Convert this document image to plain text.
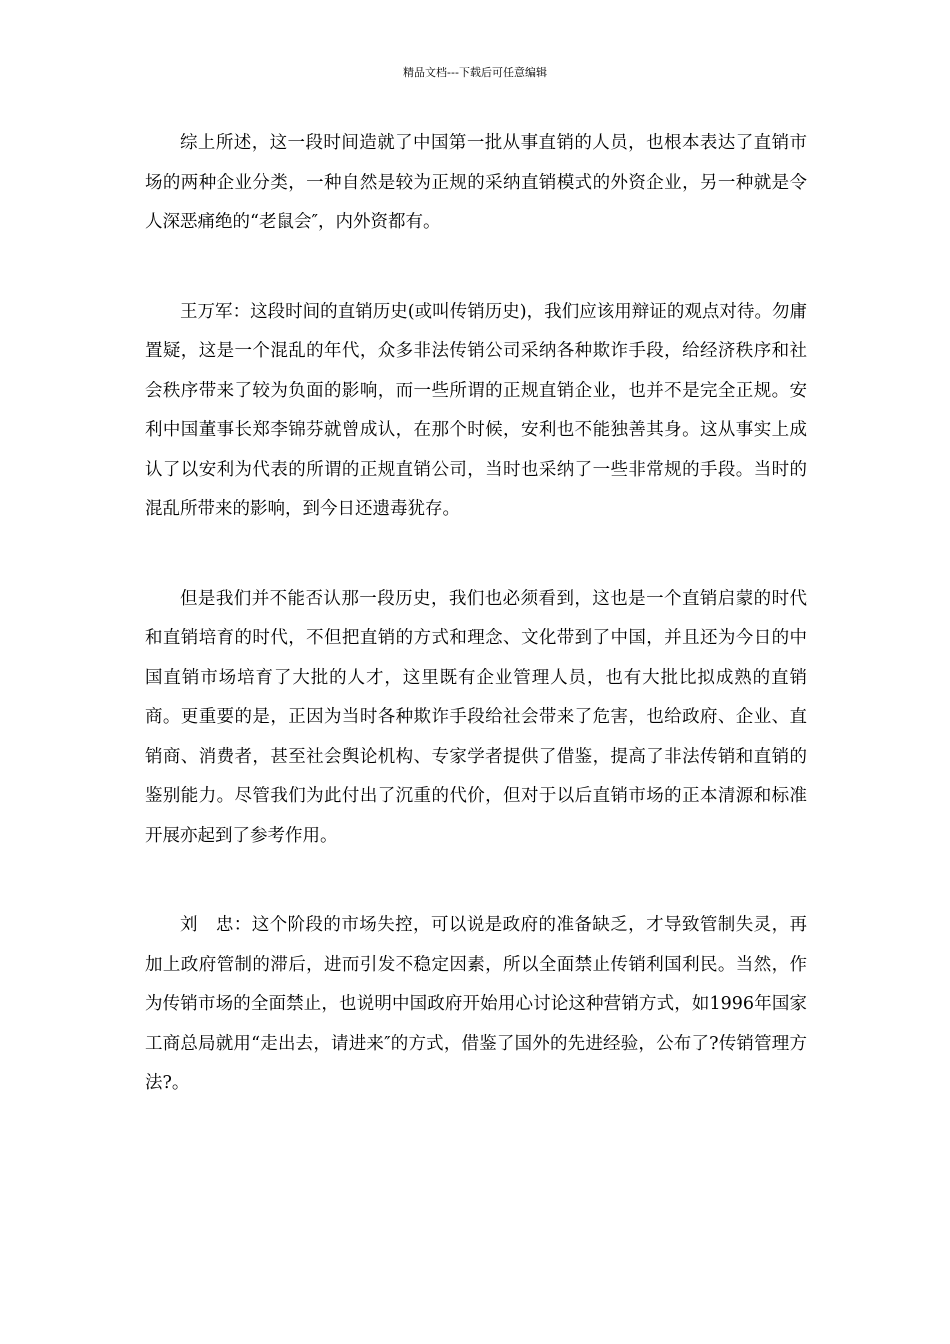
精品文档---下载后可任意编辑

综上所述，这一段时间造就了中国第一批从事直销的人员，也根本表达了直销市场的两种企业分类，一种自然是较为正规的采纳直销模式的外资企业，另一种就是令人深恶痛绝的“老鼠会″，内外资都有。

王万军：这段时间的直销历史(或叫传销历史)，我们应该用辩证的观点对待。勿庸置疑，这是一个混乱的年代，众多非法传销公司采纳各种欺诈手段，给经济秩序和社会秩序带来了较为负面的影响，而一些所谓的正规直销企业，也并不是完全正规。安利中国董事长郑李锦芬就曾成认，在那个时候，安利也不能独善其身。这从事实上成认了以安利为代表的所谓的正规直销公司，当时也采纳了一些非常规的手段。当时的混乱所带来的影响，到今日还遗毒犹存。

但是我们并不能否认那一段历史，我们也必须看到，这也是一个直销启蒙的时代和直销培育的时代，不但把直销的方式和理念、文化带到了中国，并且还为今日的中国直销市场培育了大批的人才，这里既有企业管理人员，也有大批比拟成熟的直销商。更重要的是，正因为当时各种欺诈手段给社会带来了危害，也给政府、企业、直销商、消费者，甚至社会舆论机构、专家学者提供了借鉴，提高了非法传销和直销的鉴别能力。尽管我们为此付出了沉重的代价，但对于以后直销市场的正本清源和标准开展亦起到了参考作用。

刘　忠：这个阶段的市场失控，可以说是政府的准备缺乏，才导致管制失灵，再加上政府管制的滞后，进而引发不稳定因素，所以全面禁止传销利国利民。当然，作为传销市场的全面禁止，也说明中国政府开始用心讨论这种营销方式，如1996年国家工商总局就用“走出去，请进来″的方式，借鉴了国外的先进经验，公布了?传销管理方法?。
